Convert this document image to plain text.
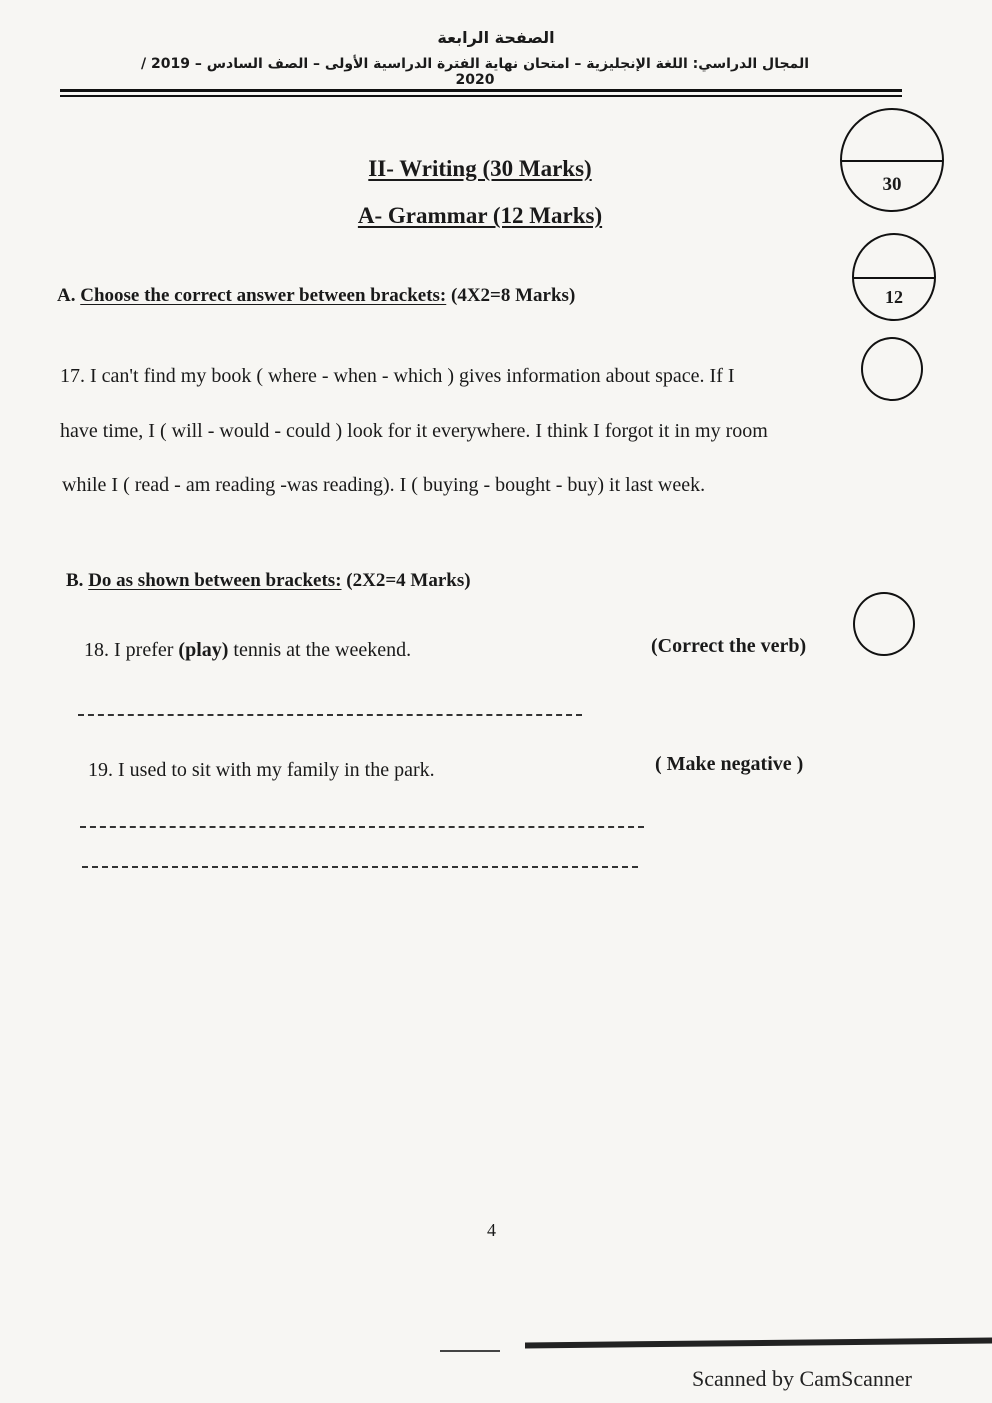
الصفحة الرابعة
المجال الدراسي: اللغة الإنجليزية – امتحان نهاية الفترة الدراسية الأولى – الصف السادس – 2019 / 2020
II- Writing (30 Marks)
A- Grammar (12 Marks)
30
12
A. Choose the correct answer between brackets: (4X2=8 Marks)
17. I can't find my book ( where - when - which ) gives information about space. If I
have time, I ( will - would - could ) look for it everywhere. I think I forgot it in my room
while I ( read - am reading -was reading). I ( buying - bought - buy) it last week.
B. Do as shown between brackets: (2X2=4 Marks)
18. I prefer (play) tennis at the weekend.	(Correct the verb)
19. I used to sit with my family in the park.	( Make negative )
4
Scanned by CamScanner
